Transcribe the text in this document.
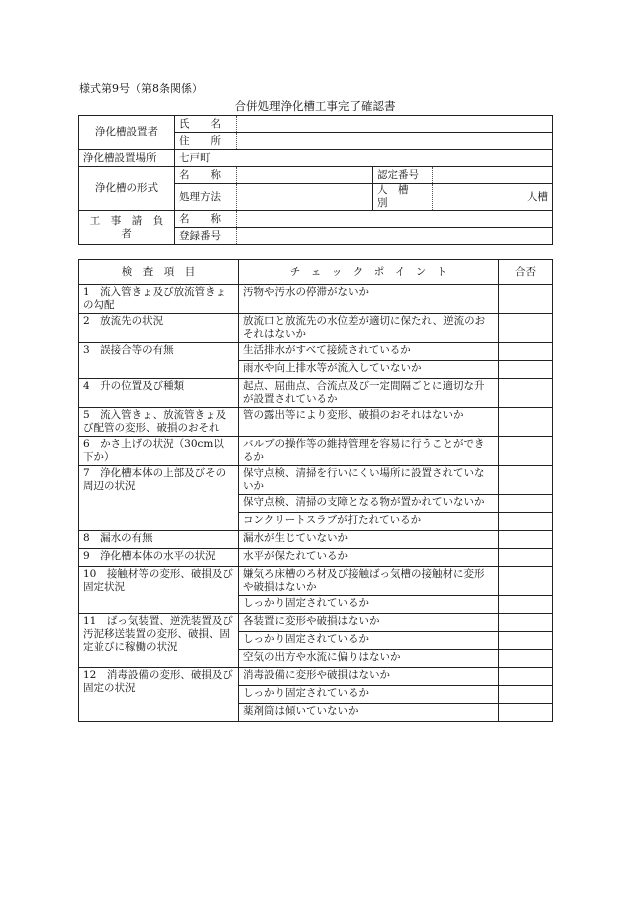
様式第9号（第8条関係）
合併処理浄化槽工事完了確認書
浄化槽設置者	氏　　名			
	住　　所			
浄化槽設置場所	七戸町			
浄化槽の形式	名　　称		認定番号	
	処理方法		人　槽　別	人槽
工　事　請　負　者	名　　称			
	登録番号			
検　査　項　目	チ　ェ　ッ　ク　ポ　イ　ン　ト	合否
1　流入管きょ及び放流管きょの勾配	汚物や汚水の停滞がないか	
2　放流先の状況	放流口と放流先の水位差が適切に保たれ、逆流のおそれはないか	
3　誤接合等の有無	生活排水がすべて接続されているか	
	雨水や向上排水等が流入していないか	
4　升の位置及び種類	起点、屈曲点、合流点及び一定間隔ごとに適切な升が設置されているか	
5　流入管きょ、放流管きょ及び配管の変形、破損のおそれ	管の露出等により変形、破損のおそれはないか	
6　かさ上げの状況（30cm以下か）	バルブの操作等の維持管理を容易に行うことができるか	
7　浄化槽本体の上部及びその周辺の状況	保守点検、清掃を行いにくい場所に設置されていないか	
	保守点検、清掃の支障となる物が置かれていないか	
	コンクリートスラブが打たれているか	
8　漏水の有無	漏水が生じていないか	
9　浄化槽本体の水平の状況	水平が保たれているか	
10　接触材等の変形、破損及び固定状況	嫌気ろ床槽のろ材及び接触ばっ気槽の接触材に変形や破損はないか	
	しっかり固定されているか	
11　ばっ気装置、逆洗装置及び汚泥移送装置の変形、破損、固定並びに稼働の状況	各装置に変形や破損はないか	
	しっかり固定されているか	
	空気の出方や水流に偏りはないか	
12　消毒設備の変形、破損及び固定の状況	消毒設備に変形や破損はないか	
	しっかり固定されているか	
	薬剤筒は傾いていないか	
